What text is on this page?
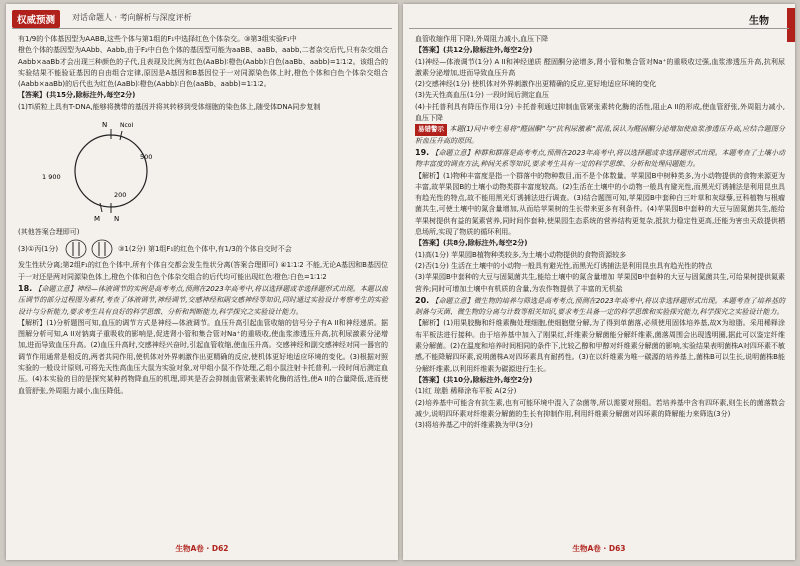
权威预测	对话命题人 · 考向解析与深度评析

有1/9的个体基因型为AABB,这些个体与第1组的F₁中选择红色个体杂交。③第3组实验F₁中

橙色个体的基因型为AAbb、Aabb,由于F₂中白色个体的基因型可能为aaBB、aaBb、aabb,二者杂交后代,只有杂交组合Aabb×aaBb才会出现三种颜色的子代,且表现及比例为红色(AaBb)∶橙色(Aabb)∶白色(aaBb、aabb)=1∶1∶2。该组合的实验结果不能验证基因的自由组合定律,原因是A基因和B基因位于一对同源染色体上时,橙色个体和白色个体杂交组合(Aabb×aaBb)的后代也为红色(AaBb)∶橙色(Aabb)∶白色(aaBb、aabb)=1∶1∶2。

【答案】(共15分,除标注外,每空2分)

(1)Ti质粒上具有T-DNA,能够将携带的基因并将其转移到受体细胞的染色体上,随受体DNA同步复制

N NcoI
500
1 900
200
M N

(其他答案合理即可)

(3)①丙(1分)	③1(2分) 第1组F₁的红色个体中,有1/3的个体自交时不会

发生性状分离;第2组F₁的红色个体中,所有个体自交都会发生性状分离(答案合理即可) ④1∶1∶2 不能,无论A基因和B基因位于一对还是两对同源染色体上,橙色个体和白色个体杂交组合的后代均可能出现红色∶橙色∶白色=1∶1∶2

18. 【命题立意】神经—体液调节的实例是高考考点,预测在2023年高考中,将以选择题或非选择题形式出现。本题以血压调节的部分过程图为素材,考查了体液调节,神经调节,交感神经和副交感神经等知识,同时通过实验设计考察考生的实验设计与分析能力,要求考生具有良好的科学思维、分析和判断能力,科学探究之实验设计能力。

【解析】(1)分析题图可知,血压的调节方式是神经—体液调节。血压升高引起血管收缩的信号分子有A II和神经递质。据图解分析可知,A II对钠离子重吸收的影响是,促进肾小管和集合管对Na⁺的重吸收,使血浆渗透压升高,抗利尿激素分泌增加,进而导致血压升高。(2)血压升高时,交感神经兴奋时,引起血管收缩,使血压升高。交感神经和副交感神经对同一器官的调节作用通常是相反的,两者共同作用,使机体对外界刺激作出更精确的反应,使机体更好地适应环境的变化。(3)根据对照实验的一般设计原则,可将先天性高血压大鼠为实验对象,对甲组小鼠不作处理,乙组小鼠注射卡托普利,一段时间后测定血压。(4)本实验的目的是探究某种药物降血压的机理,即其是否会抑制血管紧张素转化酶的活性,使A II的合量降低,进而使血管舒张,外周阻力减小,血压降低。

生物A卷 · D62
生物

血管收缩作用下降),外周阻力减小,血压下降

【答案】(共12分,除标注外,每空2分)

(1)神经—体液调节(1分) A II和神经递质 醛固酮分泌增多,肾小管和集合管对Na⁺的重吸收过强,血浆渗透压升高,抗利尿激素分泌增加,进而导致血压升高

(2)交感神经(1分) 使机体对外界刺激作出更精确的反应,更好地适应环境的变化

(3)先天性高血压(1分) 一段时间后测定血压

(4)卡托普利具有降压作用(1分) 卡托普利通过抑制血管紧张素转化酶的活性,阻止A II的形成,使血管舒张,外周阻力减小,血压下降

易错警示 本题(1)问中考生易将“醛固酮”与“抗利尿激素”混淆,误认为醛固酮分泌增加使血浆渗透压升高,应结合题图分析血压升高的原因。

19. 【命题立意】种群和群落是高考考点,预测在2023年高考中,将以选择题或非选择题形式出现。本题考查了土壤小动物丰富度的调查方法,种间关系等知识,要求考生具有一定的科学思维、分析和处理问题能力。

【解析】(1)物种丰富度是指一个群落中的物种数目,而不是个体数量。苹果园B中树种类多,为小动物提供的食物来源更为丰富,故苹果园B的土壤小动物类群丰富度较高。(2)生活在土壤中的小动物一般具有避光性,而黑光灯诱捕法是利用昆虫具有趋光性的特点,故不能用黑光灯诱捕法进行调查。(3)结合题图可知,苹果园B中套种白三叶草和灰绿藜,豆科植物与根瘤菌共生,可使土壤中的氮含量增加,从而给苹果树的生长带来更多有利条件。(4)苹果园B中套种的大豆与固氮菌共生,能给苹果树提供有益的氮素营养,同时间作套种,使果园生态系统的营养结构更复杂,抵抗力稳定性更高,还能为害虫天敌提供栖息场所,实现了物质的循环利用。

【答案】(共8分,除标注外,每空2分)

(1)高(1分) 苹果园B植物种类较多,为土壤小动物提供的食物资源较多

(2)否(1分) 生活在土壤中的小动物一般具有避光性,而黑光灯诱捕法是利用昆虫具有趋光性的特点

(3)苹果园B中套种的大豆与固氮菌共生,能给土壤中的氮含量增加 苹果园B中套种的大豆与固氮菌共生,可给果树提供氮素营养;同时可增加土壤中有机质的含量,为农作物提供了丰富的无机盐

20. 【命题立意】微生物的培养与筛选是高考考点,预测在2023年高考中,将以非选择题形式出现。本题考查了培养基的制备与灭菌、微生物的分离与计数等相关知识,要求考生具备一定的科学思维和实验探究能力,科学探究之实验设计能力。

【解析】(1)用果胶酶和纤维素酶处理细胞,使细胞壁分解,为了得到单菌落,必须使用固体培养基,故X为琼脂。采用稀释涂布平板法进行接种。由于培养基中加入了刚果红,纤维素分解菌能分解纤维素,菌落周围会出现透明圈,据此可以鉴定纤维素分解菌。(2)在温度和培养时间相同的条件下,比较乙醇和甲醇对纤维素分解菌的影响,实验结果表明菌株A对四环素不敏感,不能降解四环素,说明菌株A对四环素具有耐药性。(3)在以纤维素为唯一碳源的培养基上,菌株B可以生长,说明菌株B能分解纤维素,以利用纤维素为碳源进行生长。

【答案】(共10分,除标注外,每空2分)

(1)红 琼脂 稀释涂布平板 A(2分)

(2)培养基中可能含有抗生素,也有可能环境中混入了杂菌等,所以需要对照组。若培养基中含有四环素,则生长的菌落数会减少,说明四环素对纤维素分解菌的生长有抑制作用,利用纤维素分解菌对四环素的降解能力来筛选(3分)

(3)将培养基乙中的纤维素换为甲(3分)

生物A卷 · D63
